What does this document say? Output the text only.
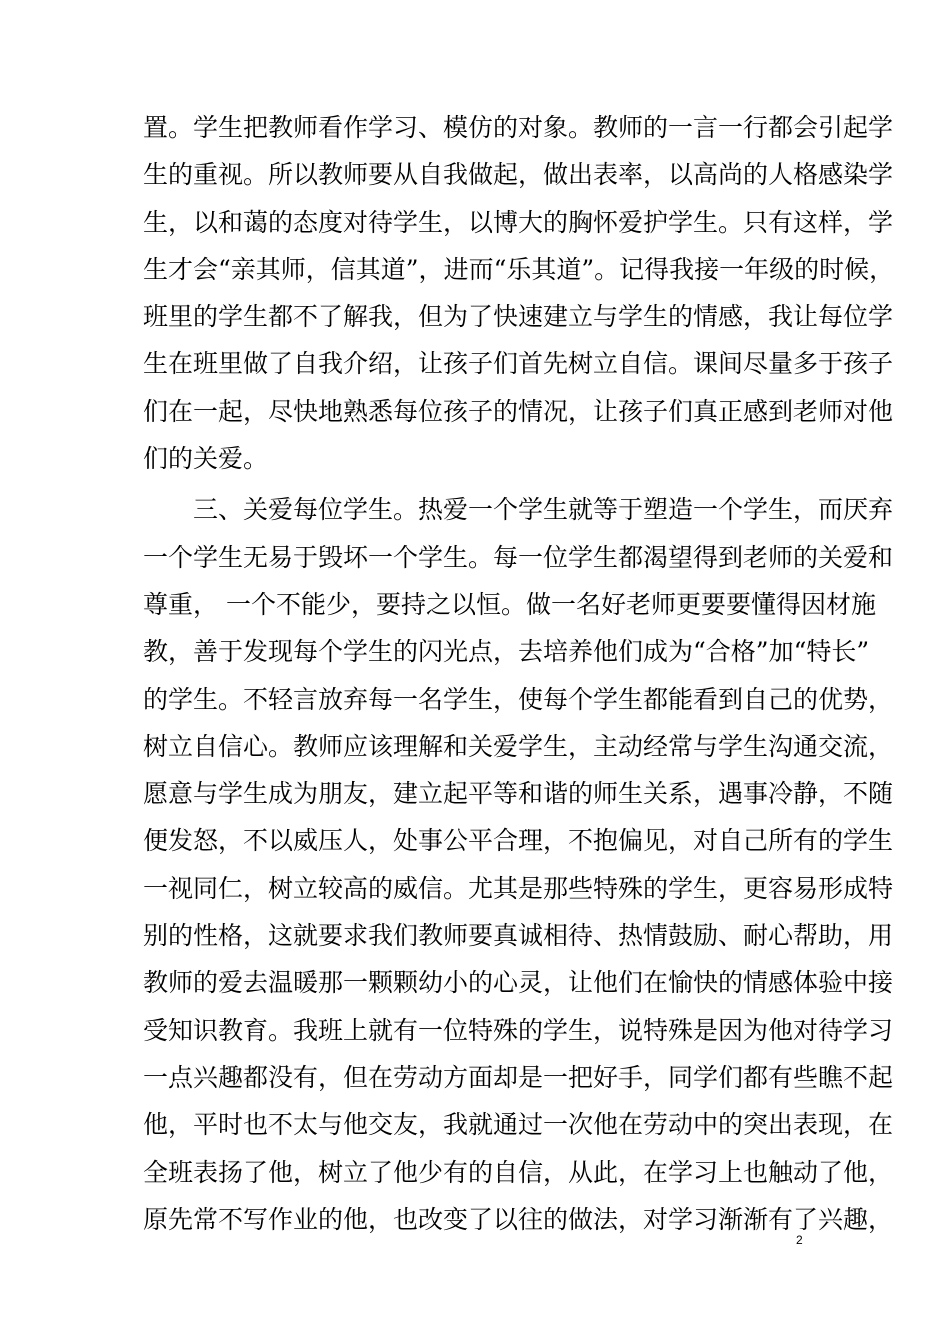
置。学生把教师看作学习、模仿的对象。教师的一言一行都会引起学
生的重视。所以教师要从自我做起，做出表率，以高尚的人格感染学
生，以和蔼的态度对待学生，以博大的胸怀爱护学生。只有这样，学
生才会“亲其师，信其道”，进而“乐其道”。记得我接一年级的时候，
班里的学生都不了解我，但为了快速建立与学生的情感，我让每位学
生在班里做了自我介绍，让孩子们首先树立自信。课间尽量多于孩子
们在一起，尽快地熟悉每位孩子的情况，让孩子们真正感到老师对他
们的关爱。
　　三、关爱每位学生。热爱一个学生就等于塑造一个学生，而厌弃
一个学生无易于毁坏一个学生。每一位学生都渴望得到老师的关爱和
尊重， 一个不能少，要持之以恒。做一名好老师更要要懂得因材施
教，善于发现每个学生的闪光点，去培养他们成为“合格”加“特长”
的学生。不轻言放弃每一名学生，使每个学生都能看到自己的优势，
树立自信心。教师应该理解和关爱学生，主动经常与学生沟通交流，
愿意与学生成为朋友，建立起平等和谐的师生关系，遇事冷静，不随
便发怒，不以威压人，处事公平合理，不抱偏见，对自己所有的学生
一视同仁，树立较高的威信。尤其是那些特殊的学生，更容易形成特
别的性格，这就要求我们教师要真诚相待、热情鼓励、耐心帮助，用
教师的爱去温暖那一颗颗幼小的心灵，让他们在愉快的情感体验中接
受知识教育。我班上就有一位特殊的学生，说特殊是因为他对待学习
一点兴趣都没有，但在劳动方面却是一把好手，同学们都有些瞧不起
他，平时也不太与他交友，我就通过一次他在劳动中的突出表现，在
全班表扬了他，树立了他少有的自信，从此，在学习上也触动了他，
原先常不写作业的他，也改变了以往的做法，对学习渐渐有了兴趣，
2
